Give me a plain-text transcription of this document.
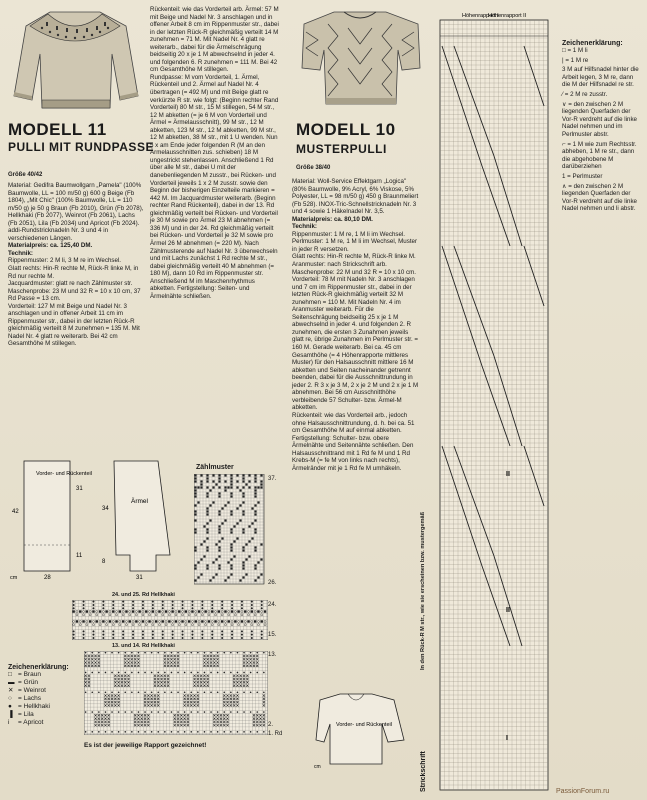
MODELL 11
PULLI MIT RUNDPASSE
Größe 40/42

Material: Gedifra Baumwollgarn „Pamela" (100% Baumwolle, LL = 100 m/50 g) 600 g Beige (Fb 1804), „Mit Chic" (100% Baumwolle, LL = 110 m/50 g) je 50 g Braun (Fb 2010), Grün (Fb 2078), Hellkhaki (Fb 2077), Weinrot (Fb 2061), Lachs (Fb 2051), Lila (Fb 2034) und Apricot (Fb 2024). addi-Rundstricknadeln Nr. 3 und 4 in verschiedenen Längen.

Materialpreis: ca. 125,40 DM.

Technik:

Rippenmuster: 2 M li, 3 M re im Wechsel.

Glatt rechts: Hin-R rechte M, Rück-R linke M, in Rd nur rechte M.

Jacquardmuster: glatt re nach Zählmuster str.

Maschenprobe: 23 M und 32 R = 10 x 10 cm, 37 Rd Passe = 13 cm.

Vorderteil: 127 M mit Beige und Nadel Nr. 3 anschlagen und in offener Arbeit 11 cm im Rippenmuster str., dabei in der letzten Rück-R gleichmäßig verteilt 8 M zunehmen = 135 M. Mit Nadel Nr. 4 glatt re weiterarb. Bei 42 cm Gesamthöhe M stillegen.

Rückenteil: wie das Vorderteil arb. Ärmel: 57 M mit Beige und Nadel Nr. 3 anschlagen und in offener Arbeit 8 cm im Rippenmuster str., dabei in der letzten Rück-R gleichmäßig verteilt 14 M zunehmen = 71 M. Mit Nadel Nr. 4 glatt re weiterarb., dabei für die Ärmelschrägung beidseitig 20 x je 1 M abwechselnd in jeder 4. und folgenden 6. R zunehmen = 111 M. Bei 42 cm Gesamthöhe M stillegen.

Rundpasse: M vom Vorderteil, 1. Ärmel, Rückenteil und 2. Ärmel auf Nadel Nr. 4 übertragen (= 492 M) und mit Beige glatt re verkürzte R str. wie folgt: (Beginn rechter Rand Vorderteil) 80 M str., 15 M stillegen, 54 M str., 12 M abketten (= je 6 M von Vorderteil und Ärmel = Ärmelausschnitt), 99 M str., 12 M abketten, 123 M str., 12 M abketten, 99 M str., 12 M abketten, 38 M str., mit 1 U wenden. Nun 5 x am Ende jeder folgenden R (M an den Ärmelausschnitten zus. schieben) 18 M ungestrickt stehenlassen. Anschließend 1 Rd über alle M str., dabei U mit der danebenliegenden M zusstr., bei Rücken- und Vorderteil jeweils 1 x 2 M zusstr. sowie den Beginn der bisherigen Einzelteile markieren = 442 M. Im Jacquardmuster weiterarb. (Beginn rechter Rand Rückenteil), dabei in der 13. Rd gleichmäßig verteilt bei Rücken- und Vorderteil je 30 M sowie pro Ärmel 23 M abnehmen (= 336 M) und in der 24. Rd gleichmäßig verteilt bei Rücken- und Vorderteil je 32 M sowie pro Ärmel 26 M abnehmen (= 220 M). Nach Zählmusterende auf Nadel Nr. 3 überwechseln und mit Lachs zunächst 1 Rd rechte M str., dabei gleichmäßig verteilt 40 M abnehmen (= 180 M), dann 10 Rd im Rippenmuster str. Anschließend M im Maschenrhythmus abketten. Fertigstellung: Seiten- und Ärmelnähte schließen.

MODELL 10
MUSTERPULLI
Größe 38/40

Material: Woll-Service Effektgarn „Logica" (80% Baumwolle, 9% Acryl, 6% Viskose, 5% Polyester, LL = 98 m/50 g) 450 g Braunmeliert (Fb 528). INOX-Tric-Schnellstricknadeln Nr. 3 und 4 sowie 1 Häkelnadel Nr. 3,5.

Materialpreis: ca. 80,10 DM.

Technik:

Rippenmuster: 1 M re, 1 M li im Wechsel.

Perlmuster: 1 M re, 1 M li im Wechsel, Muster in jeder R versetzen.

Glatt rechts: Hin-R rechte M, Rück-R linke M.

Aranmuster: nach Strickschrift arb.

Maschenprobe: 22 M und 32 R = 10 x 10 cm.

Vorderteil: 78 M mit Nadeln Nr. 3 anschlagen und 7 cm im Rippenmuster str., dabei in der letzten Rück-R gleichmäßig verteilt 32 M zunehmen = 110 M. Mit Nadeln Nr. 4 im Aranmuster weiterarb. Für die Seitenschrägung beidseitig 25 x je 1 M abwechselnd in jeder 4. und folgenden 2. R zunehmen, die ersten 3 Zunahmen jeweils glatt re, übrige Zunahmen im Perlmuster str. = 160 M. Gerade weiterarb. Bei ca. 45 cm Gesamthöhe (= 4 Höhenrapporte mittleres Muster) für den Halsausschnitt mittlere 16 M abketten und Seiten nacheinander getrennt beenden, dabei für die Ausschnittrundung in jeder 2. R 3 x je 3 M, 2 x je 2 M und 2 x je 1 M abnehmen. Bei 56 cm Ausschnitthöhe verbleibende 57 Schulter- bzw. Ärmel-M abketten.

Rückenteil: wie das Vorderteil arb., jedoch ohne Halsausschnittrundung, d. h. bei ca. 51 cm Gesamthöhe M auf einmal abketten.

Fertigstellung: Schulter- bzw. obere Ärmelnähte und Seitennähte schließen. Den Halsausschnittrand mit 1 Rd fe M und 1 Rd Krebs-M (= fe M von links nach rechts), Ärmelränder mit je 1 Rd fe M umhäkeln.

Vorder- und Rückenteil
42
31
11
Ärmel
34
8
cm	28	31
Zählmuster
37.
26.
24. und 25. Rd Hellkhaki
24.
15.
13. und 14. Rd Hellkhaki
13.
2.
1. Rd
Es ist der jeweilige Rapport gezeichnet!
Zeichenerklärung:
□ = Braun
▬ = Grün
✕ = Weinrot
○ = Lachs
● = Hellkhaki
▐ = Lila
i = Apricot	Vorder- und Rückenteil
cm
Höhenrapport I
Höhenrapport II
II
II
I
In den Rück-R M str., wie sie erscheinen bzw. mustergemäß
Strickschrift
Zeichenerklärung:
□ = 1 M li
| = 1 M re
3 M auf Hilfsnadel hinter die Arbeit legen, 3 M re, dann die M der Hilfsnadel re str.
⁄ = 2 M re zusstr.
∨ = den zwischen 2 M liegenden Querfaden der Vor-R verdreht auf die linke Nadel nehmen und im Perlmuster abstr.
⌐ = 1 M wie zum Rechtsstr. abheben, 1 M re str., dann die abgehobene M darüberziehen
1 = Perlmuster
∧ = den zwischen 2 M liegenden Querfaden der Vor-R verdreht auf die linke Nadel nehmen und li abstr.
PassionForum.ru
